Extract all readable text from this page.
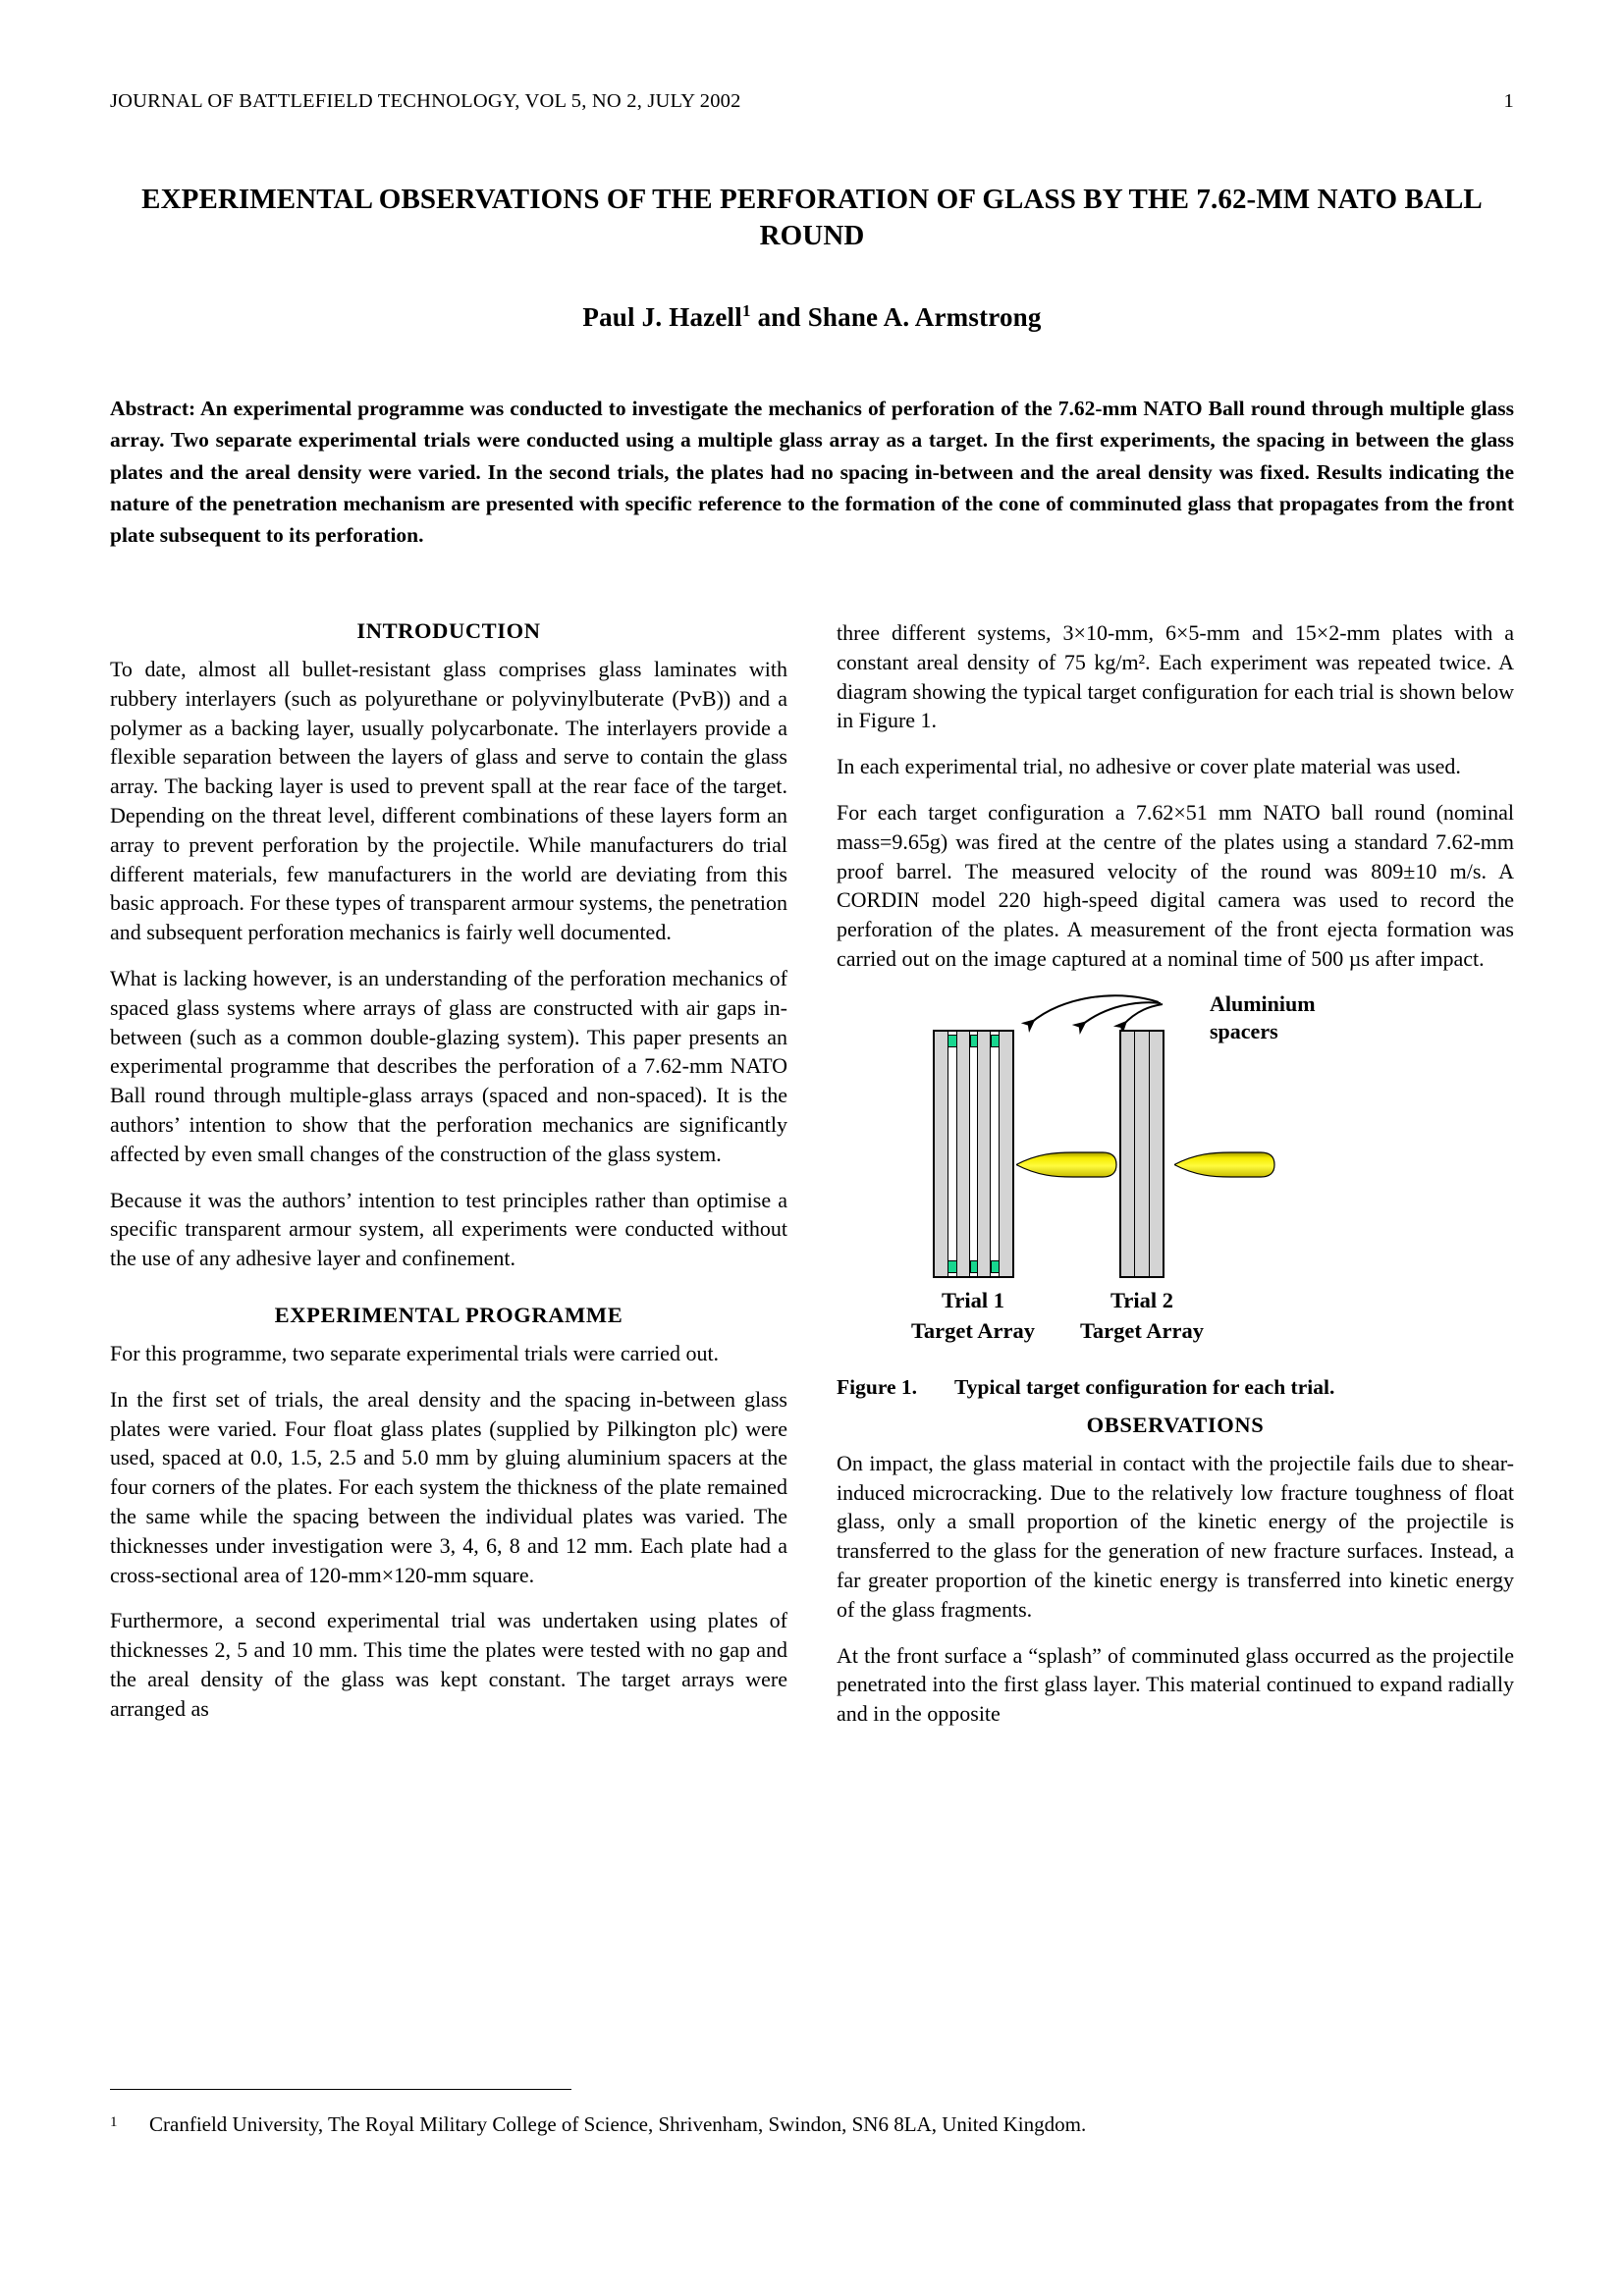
JOURNAL OF BATTLEFIELD TECHNOLOGY, VOL 5, NO 2, JULY 2002	1
EXPERIMENTAL OBSERVATIONS OF THE PERFORATION OF GLASS BY THE 7.62-MM NATO BALL ROUND

Paul J. Hazell$^1$ and Shane A. Armstrong

Abstract: An experimental programme was conducted to investigate the mechanics of perforation of the 7.62-mm NATO Ball round through multiple glass array. Two separate experimental trials were conducted using a multiple glass array as a target. In the first experiments, the spacing in between the glass plates and the areal density were varied. In the second trials, the plates had no spacing in-between and the areal density was fixed. Results indicating the nature of the penetration mechanism are presented with specific reference to the formation of the cone of comminuted glass that propagates from the front plate subsequent to its perforation.
INTRODUCTION

To date, almost all bullet-resistant glass comprises glass laminates with rubbery interlayers (such as polyurethane or polyvinylbuterate (PvB)) and a polymer as a backing layer, usually polycarbonate. The interlayers provide a flexible separation between the layers of glass and serve to contain the glass array. The backing layer is used to prevent spall at the rear face of the target. Depending on the threat level, different combinations of these layers form an array to prevent perforation by the projectile. While manufacturers do trial different materials, few manufacturers in the world are deviating from this basic approach. For these types of transparent armour systems, the penetration and subsequent perforation mechanics is fairly well documented.

What is lacking however, is an understanding of the perforation mechanics of spaced glass systems where arrays of glass are constructed with air gaps in-between (such as a common double-glazing system). This paper presents an experimental programme that describes the perforation of a 7.62-mm NATO Ball round through multiple-glass arrays (spaced and non-spaced). It is the authors’ intention to show that the perforation mechanics are significantly affected by even small changes of the construction of the glass system.

Because it was the authors’ intention to test principles rather than optimise a specific transparent armour system, all experiments were conducted without the use of any adhesive layer and confinement.

EXPERIMENTAL PROGRAMME

For this programme, two separate experimental trials were carried out.

In the first set of trials, the areal density and the spacing in-between glass plates were varied. Four float glass plates (supplied by Pilkington plc) were used, spaced at 0.0, 1.5, 2.5 and 5.0 mm by gluing aluminium spacers at the four corners of the plates. For each system the thickness of the plate remained the same while the spacing between the individual plates was varied. The thicknesses under investigation were 3, 4, 6, 8 and 12 mm. Each plate had a cross-sectional area of 120-mm×120-mm square.

Furthermore, a second experimental trial was undertaken using plates of thicknesses 2, 5 and 10 mm. This time the plates were tested with no gap and the areal density of the glass was kept constant. The target arrays were arranged as

three different systems, 3×10-mm, 6×5-mm and 15×2-mm plates with a constant areal density of 75 kg/m². Each experiment was repeated twice. A diagram showing the typical target configuration for each trial is shown below in Figure 1.

In each experimental trial, no adhesive or cover plate material was used.

For each target configuration a 7.62×51 mm NATO ball round (nominal mass=9.65g) was fired at the centre of the plates using a standard 7.62-mm proof barrel. The measured velocity of the round was 809±10 m/s. A CORDIN model 220 high-speed digital camera was used to record the perforation of the plates. A measurement of the front ejecta formation was carried out on the image captured at a nominal time of 500 µs after impact.

Aluminium
spacers
Trial 1
Target Array
Trial 2
Target Array
Figure 1.	Typical target configuration for each trial.
OBSERVATIONS

On impact, the glass material in contact with the projectile fails due to shear-induced microcracking. Due to the relatively low fracture toughness of float glass, only a small proportion of the kinetic energy of the projectile is transferred to the glass for the generation of new fracture surfaces. Instead, a far greater proportion of the kinetic energy is transferred into kinetic energy of the glass fragments.

At the front surface a “splash” of comminuted glass occurred as the projectile penetrated into the first glass layer. This material continued to expand radially and in the opposite

1	Cranfield University, The Royal Military College of Science, Shrivenham, Swindon, SN6 8LA, United Kingdom.
